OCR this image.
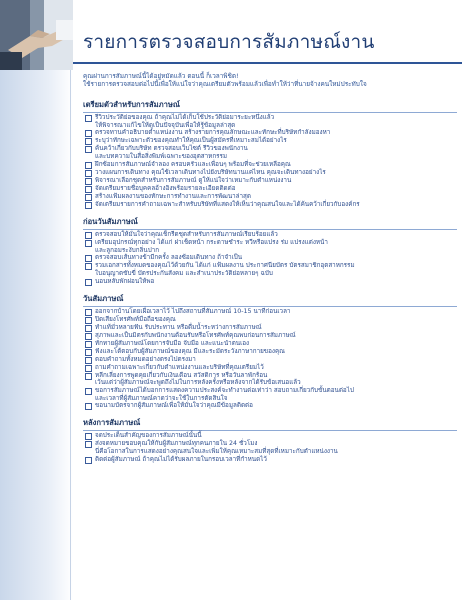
รายการตรวจสอบการสัมภาษณ์งาน

คุณผ่านการสัมภาษณ์นี้ได้อยู่หมัดแล้ว ตอนนี้ ก็เวลาพิชิต!

ใช้รายการตรวจสอบต่อไปนี้เพื่อให้แน่ใจว่าคุณเตรียมตัวพร้อมแล้วเพื่อทำให้ว่าที่นายจ้างคนใหม่ประทับใจ

เตรียมตัวสำหรับการสัมภาษณ์
รีวิวประวัติย่อของคุณ ถ้าคุณไม่ได้เก็บใช้ประวัติย่อมาระยะหนึ่งแล้ว
ให้พิจารณาแก้ไขให้ดูเป็นปัจจุบันเพื่อให้รู้ข้อมูลล่าสุด
ตรวจทานคำอธิบายตำแหน่งงาน สร้างรายการคุณลักษณะและทักษะที่บริษัทกำลังมองหา
ระบุว่าทักษะเฉพาะตัวของคุณทำให้คุณเป็นผู้สมัครที่เหมาะสมได้อย่างไร
ค้นคว้าเกี่ยวกับบริษัท ตรวจสอบเว็บไซต์ รีวิวของพนักงาน
และบทความในสื่อสิ่งพิมพ์เฉพาะของอุตสาหกรรม
ฝึกซ้อมการสัมภาษณ์จำลอง ครอบครัวและเพื่อนๆ พร้อมที่จะช่วยเหลือคุณ
วางแผนการเดินทาง คุณใช้เวลาเดินทางไปยังบริษัทนานแค่ไหน คุณจะเดินทางอย่างไร
พิจารณาเลือกชุดสำหรับการสัมภาษณ์ ดูให้แน่ใจว่าเหมาะกับตำแหน่งงาน
จัดเตรียมรายชื่อบุคคลอ้างอิงพร้อมรายละเอียดติดต่อ
สร้างแฟ้มผลงานของทักษะการทำงานและการพัฒนาล่าสุด
จัดเตรียมรายการคำถามเฉพาะสำหรับบริษัทที่แสดงให้เห็นว่าคุณสนใจและได้ค้นคว้าเกี่ยวกับองค์กร
ก่อนวันสัมภาษณ์
ตรวจสอบให้มั่นใจว่าคุณเช็กรีดชุดสำหรับการสัมภาษณ์เรียบร้อยแล้ว
เตรียมอุปกรณ์ทุกอย่าง ได้แก่ ฝาเช็ดหน้า กระดาษชำระ หวีหรือแปรง ร่ม แปรงแต่งหน้า
และลูกอมระงับกลิ่นปาก
ตรวจสอบเส้นทางข้ามีกครั้ง ลองซ้อมเดินทาง ถ้าจำเป็น
รวมเอกสารทั้งหมดของคุณไว้ด้วยกัน ได้แก่ แฟ้มผลงาน ประกาศนียบัตร บัตรสมาชิกอุตสาหกรรม
ใบอนุญาตขับขี่ บัตรประกันสังคม และสำเนาประวัติย่อหลายๆ ฉบับ
นอนหลับพักผ่อนให้พอ
วันสัมภาษณ์
ออกจากบ้านโดยเผื่อเวลาไว้ ไปถึงสถานที่สัมภาษณ์ 10-15 นาทีก่อนเวลา
ปิดเสียงโทรศัพท์มือถือของคุณ
ทำแท้มั่วหลายฟัน รับประทาน หรือดื่มน้ำระหว่างการสัมภาษณ์
สุภาพและเป็นมิตรกับพนักงานต้อนรับหรือโทรศัพท์คุณพบก่อนการสัมภาษณ์
ทักทายผู้สัมภาษณ์โดยการจับมือ จับมือ และแนะนำตนเอง
ฟังและโต้ตอบกับผู้สัมภาษณ์ของคุณ มีและระมัดระวังภาษากายของคุณ
ตอบคำถามทั้งหมดอย่างตรงไปตรงมา
ถามคำถามเฉพาะเกี่ยวกับตำแหน่งงานและบริษัทที่คุณเตรียมไว้
หลีกเลี่ยงการพูดคุยเกี่ยวกับเงินเดือน สวัสดิการ หรือวันลาพักร้อน
เว้นแต่ว่าผู้สัมภาษณ์จะพูดถึงไม่ในการหลังครั้งหรือหลังจากได้รับข้อเสนอแล้ว
ขอการสัมภาษณ์ได้บอกการแสดงความประสงค์จะทำงานต่อเท่าว่า สอบถามเกี่ยวกับขั้นตอนต่อไป
และเวลาที่ผู้สัมภาษณ์คาดว่าจะใช้ในการตัดสินใจ
ขอนามบัตรจากผู้สัมภาษณ์เพื่อให้มั่นใจว่าคุณมีข้อมูลติดต่อ
หลังการสัมภาษณ์
จดประเด็นสำคัญของการสัมภาษณ์นั้นนี้
ส่งจดหมายขอบคุณให้กับผู้สัมภาษณ์ทุกคนภายใน 24 ชั่วโมง
นี่คือโอกาสในการแสดงอย่างคุณสนใจและเพิ่มให้คุณเหมาะสมที่สุดที่เหมาะกับตำแหน่งงาน
ติดต่อผู้สัมภาษณ์ ถ้าคุณไม่ได้รับผลภายในกรอบเวลาที่กำหนดไว้
